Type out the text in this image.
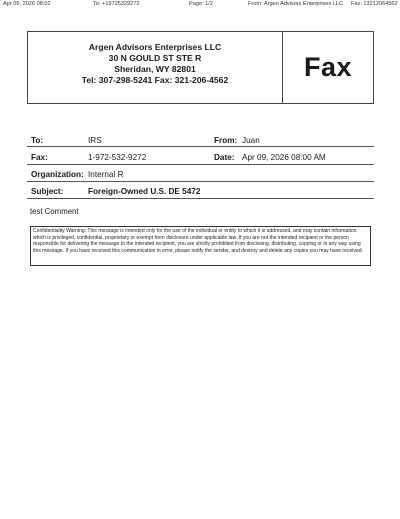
Apr 09, 2026 08:02	To: +19725329272	Page: 1/2	From: Argen Advisors Enterprises LLC Fax: 13212064562
Argen Advisors Enterprises LLC
30 N GOULD ST STE R
Sheridan, WY 82801
Tel: 307-298-5241 Fax: 321-206-4562	Fax
To:	IRS	From: Juan
Fax:	1-972-532-9272	Date: Apr 09, 2026 08:00 AM
Organization: Internal R
Subject:	Foreign-Owned U.S. DE 5472
test Comment
Confidentiality Warning: This message is intended only for the use of the individual or entity to which it is addressed, and may contain information which is privileged, confidential, proprietary or exempt from disclosure under applicable law. If you are not the intended recipient or the person responsible for delivering the message to the intended recipient, you are strictly prohibited from disclosing, distributing, copying or in any way using this message. If you have received this communication in error, please notify the sender, and destroy and delete any copies you may have received.
